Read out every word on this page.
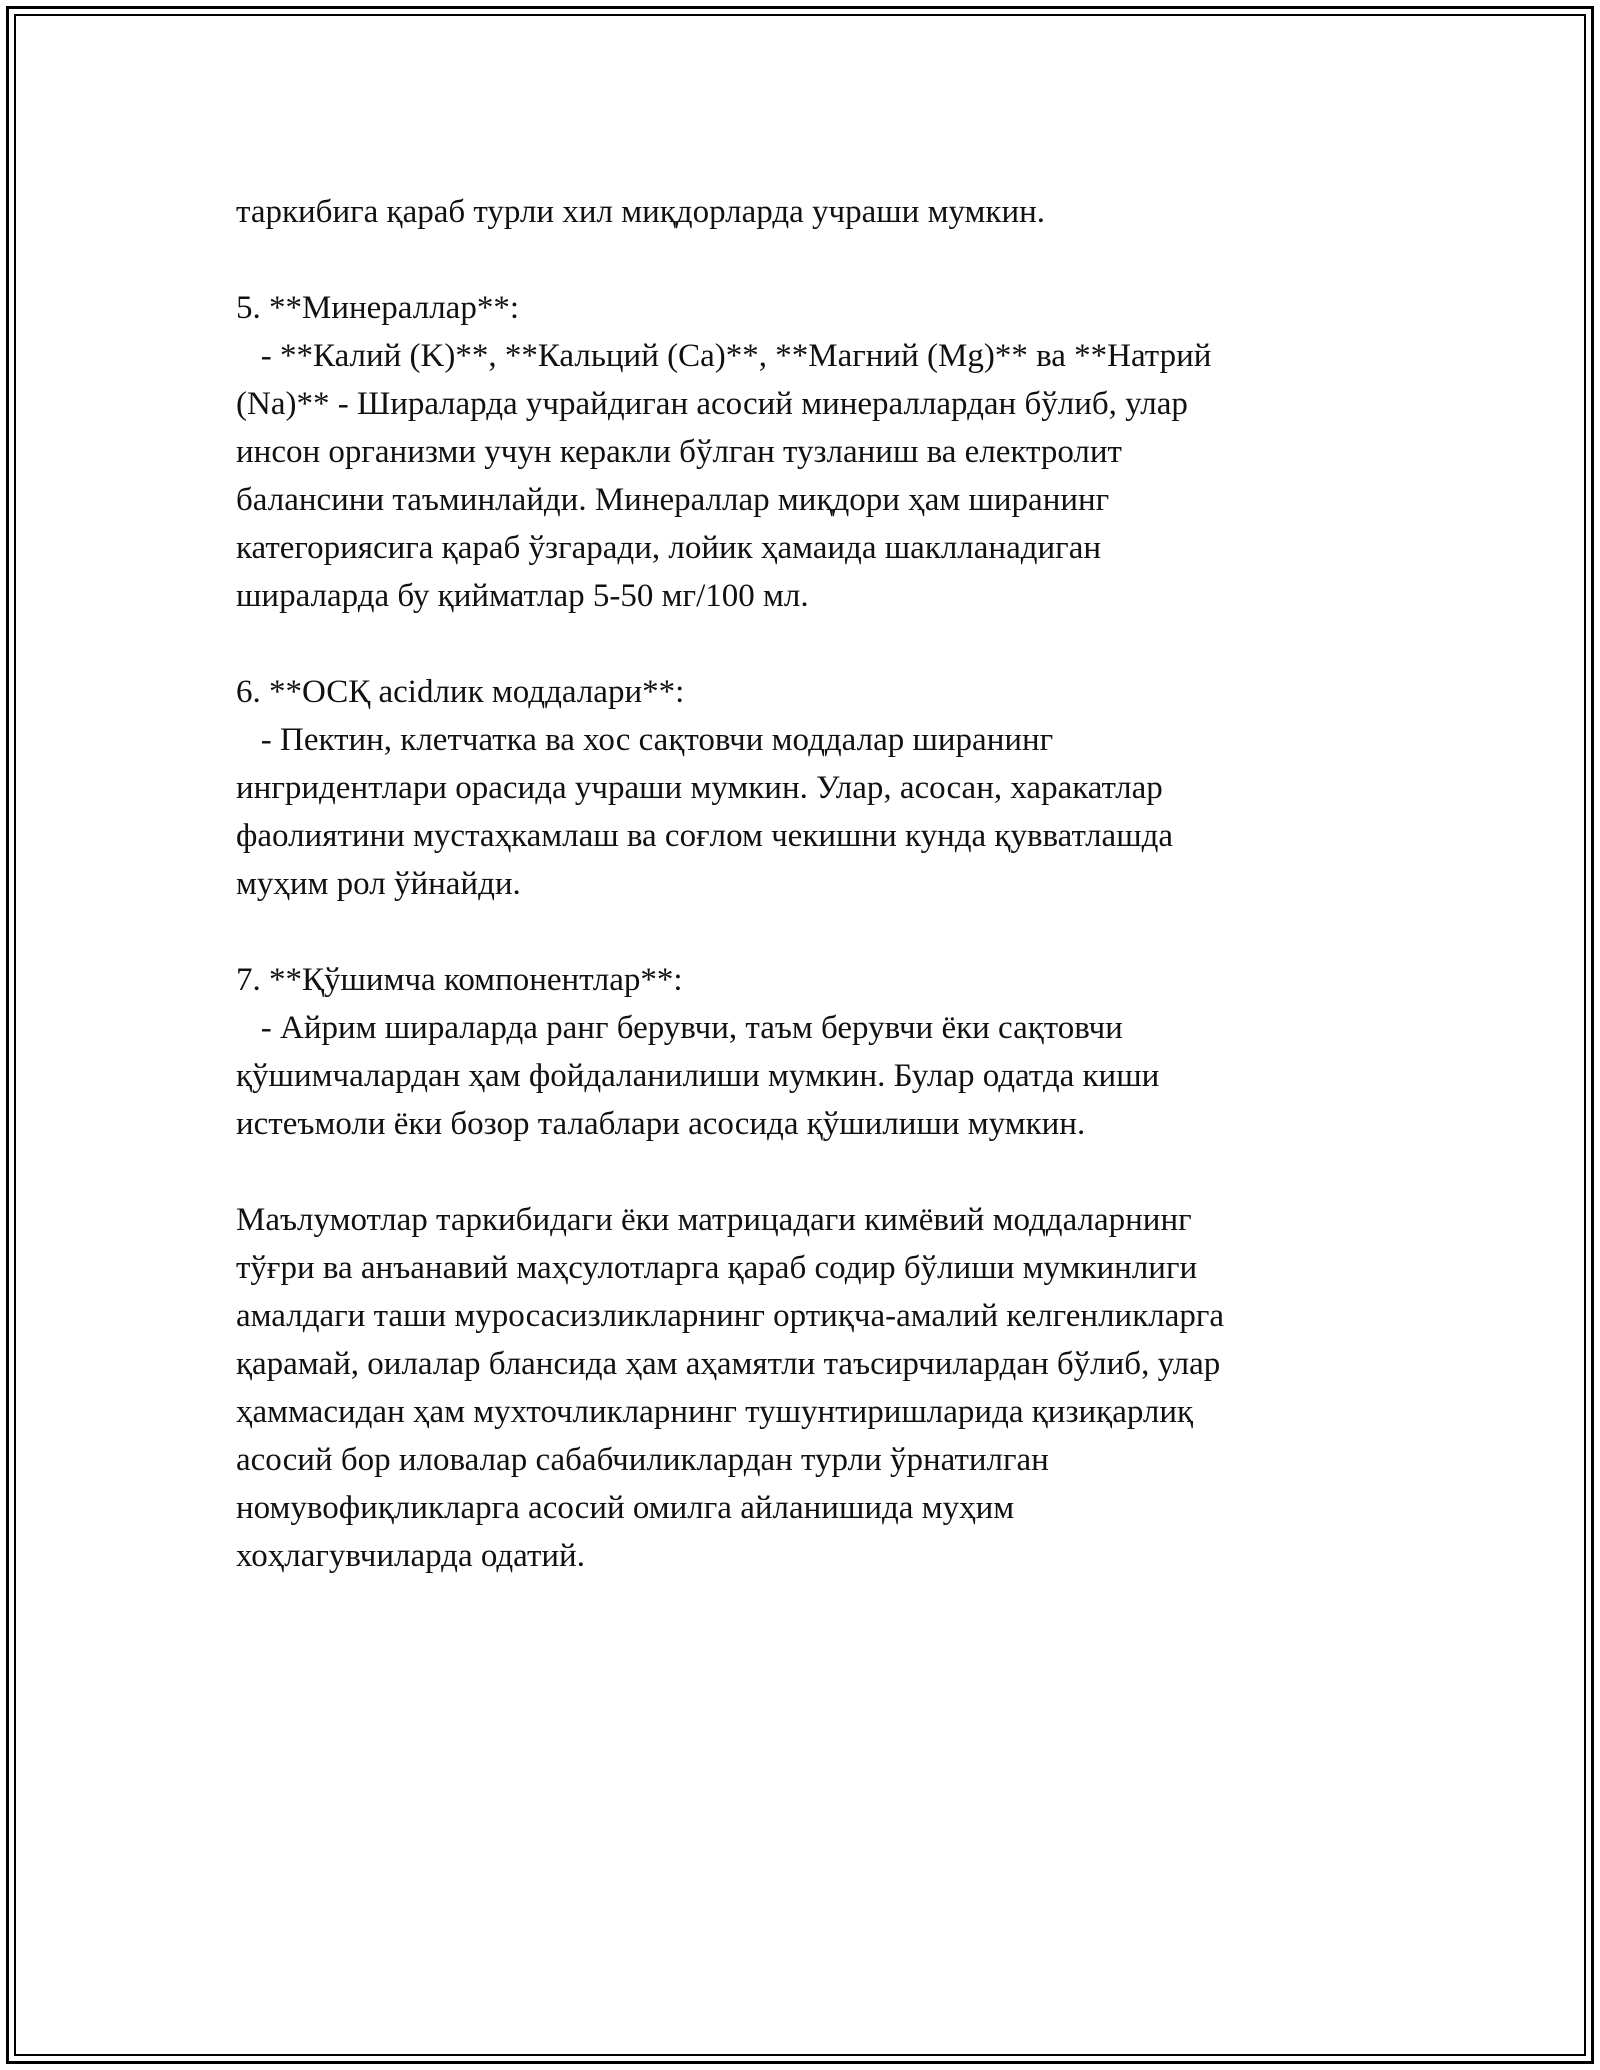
таркибига қараб турли хил миқдорларда учраши мумкин.
5. **Минераллар**:
- **Калий (K)**, **Кальций (Ca)**, **Магний (Mg)** ва **Натрий
(Na)** - Ширaларда учрайдиган асосий минераллардан бўлиб, улар
инсон организми учун керакли бўлган тузланиш ва електролит
балансини таъминлайди. Минераллар миқдори ҳам ширанинг
категориясига қараб ўзгаради, лойик ҳамаида шаклланадиган
шираларда бу қийматлар 5-50 мг/100 мл.
6. **ОСҚ acidлик моддалари**:
- Пектин, клетчатка ва хос сақтовчи моддалар ширанинг
ингридентлари орасида учраши мумкин. Улар, асосан, харакатлар
фаолиятини мустаҳкамлаш ва соғлом чекишни кунда қувватлашда
муҳим рол ўйнайди.
7. **Қўшимча компонентлар**:
- Айрим шираларда ранг берувчи, таъм берувчи ёки сақтовчи
қўшимчалардан ҳам фойдаланилиши мумкин. Булар одатда киши
истеъмоли ёки бозор талаблари асосида қўшилиши мумкин.
Маълумотлар таркибидаги ёки матрицадаги кимёвий моддаларнинг
тўғри ва анъанавий маҳсулотларга қараб содир бўлиши мумкинлиги
амалдаги таши муросасизликларнинг ортиқча-амалий келгенликларга
қарамай, оилалар блансида ҳам аҳамятли таъсирчилардан бўлиб, улар
ҳаммасидан ҳам мухточликларнинг тушунтиришларида қизиқарлиқ
асосий бор иловалар сабабчиликлардан турли ўрнатилган
номувофиқликларга асосий омилга айланишида муҳим
хоҳлагувчиларда одатий.
